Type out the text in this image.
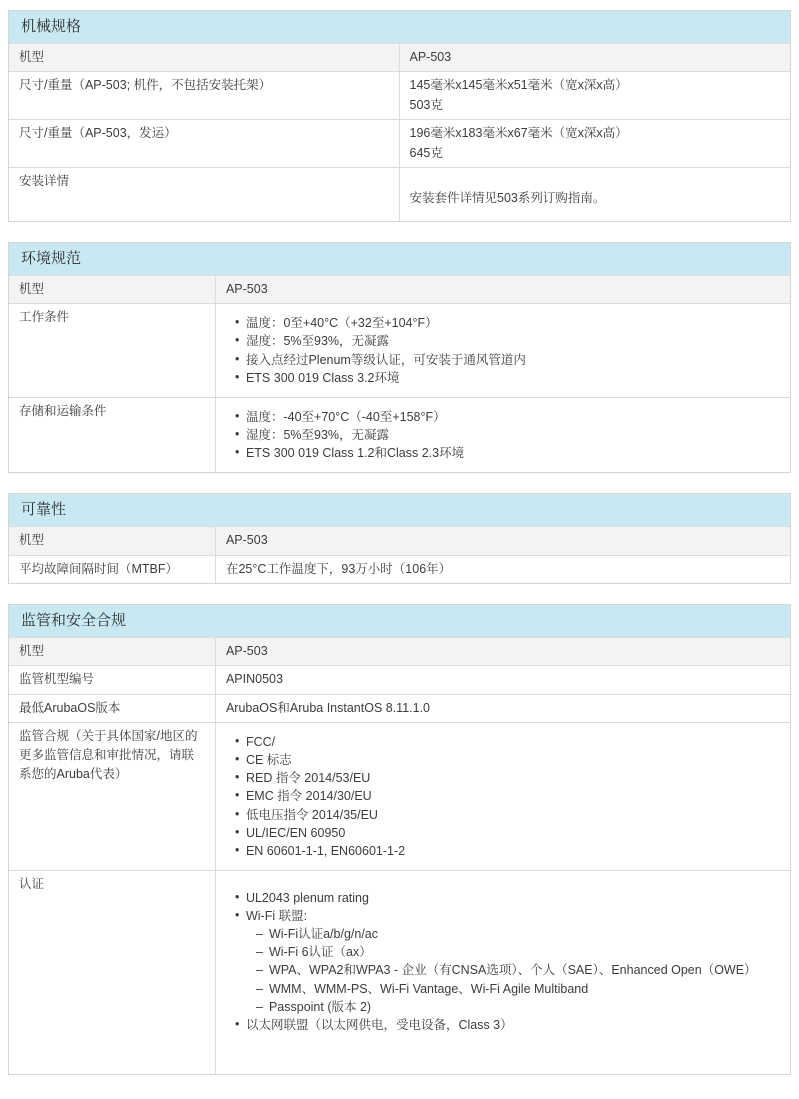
机械规格
机型	AP-503
尺寸/重量（AP-503; 机件，不包括安装托架）	145毫米x145毫米x51毫米（宽x深x高）
503克
尺寸/重量（AP-503，发运）	196毫米x183毫米x67毫米（宽x深x高）
645克
安装详情
安装套件详情见503系列订购指南。
环境规范
机型	AP-503
工作条件	• 温度：0至+40°C（+32至+104°F）
• 湿度：5%至93%，无凝露
• 接入点经过Plenum等级认证，可安装于通风管道内
• ETS 300 019 Class 3.2环境
存储和运输条件	• 温度：-40至+70°C（-40至+158°F）
• 湿度：5%至93%，无凝露
• ETS 300 019 Class 1.2和Class 2.3环境
可靠性
机型	AP-503
平均故障间隔时间（MTBF）	在25°C工作温度下，93万小时（106年）
监管和安全合规
机型	AP-503
监管机型编号	APIN0503
最低ArubaOS版本	ArubaOS和Aruba InstantOS 8.11.1.0
监管合规（关于具体国家/地区的更多监管信息和审批情况，请联系您的Aruba代表）
• FCC/
• CE 标志
• RED 指令 2014/53/EU
• EMC 指令 2014/30/EU
• 低电压指令 2014/35/EU
• UL/IEC/EN 60950
• EN 60601-1-1, EN60601-1-2
认证
• UL2043 plenum rating
• Wi-Fi 联盟:
– Wi-Fi认证a/b/g/n/ac
– Wi-Fi 6认证（ax）
– WPA、WPA2和WPA3 - 企业（有CNSA选项）、个人（SAE）、Enhanced Open（OWE）
– WMM、WMM-PS、Wi-Fi Vantage、Wi-Fi Agile Multiband
– Passpoint (版本 2)
• 以太网联盟（以太网供电，受电设备，Class 3）
